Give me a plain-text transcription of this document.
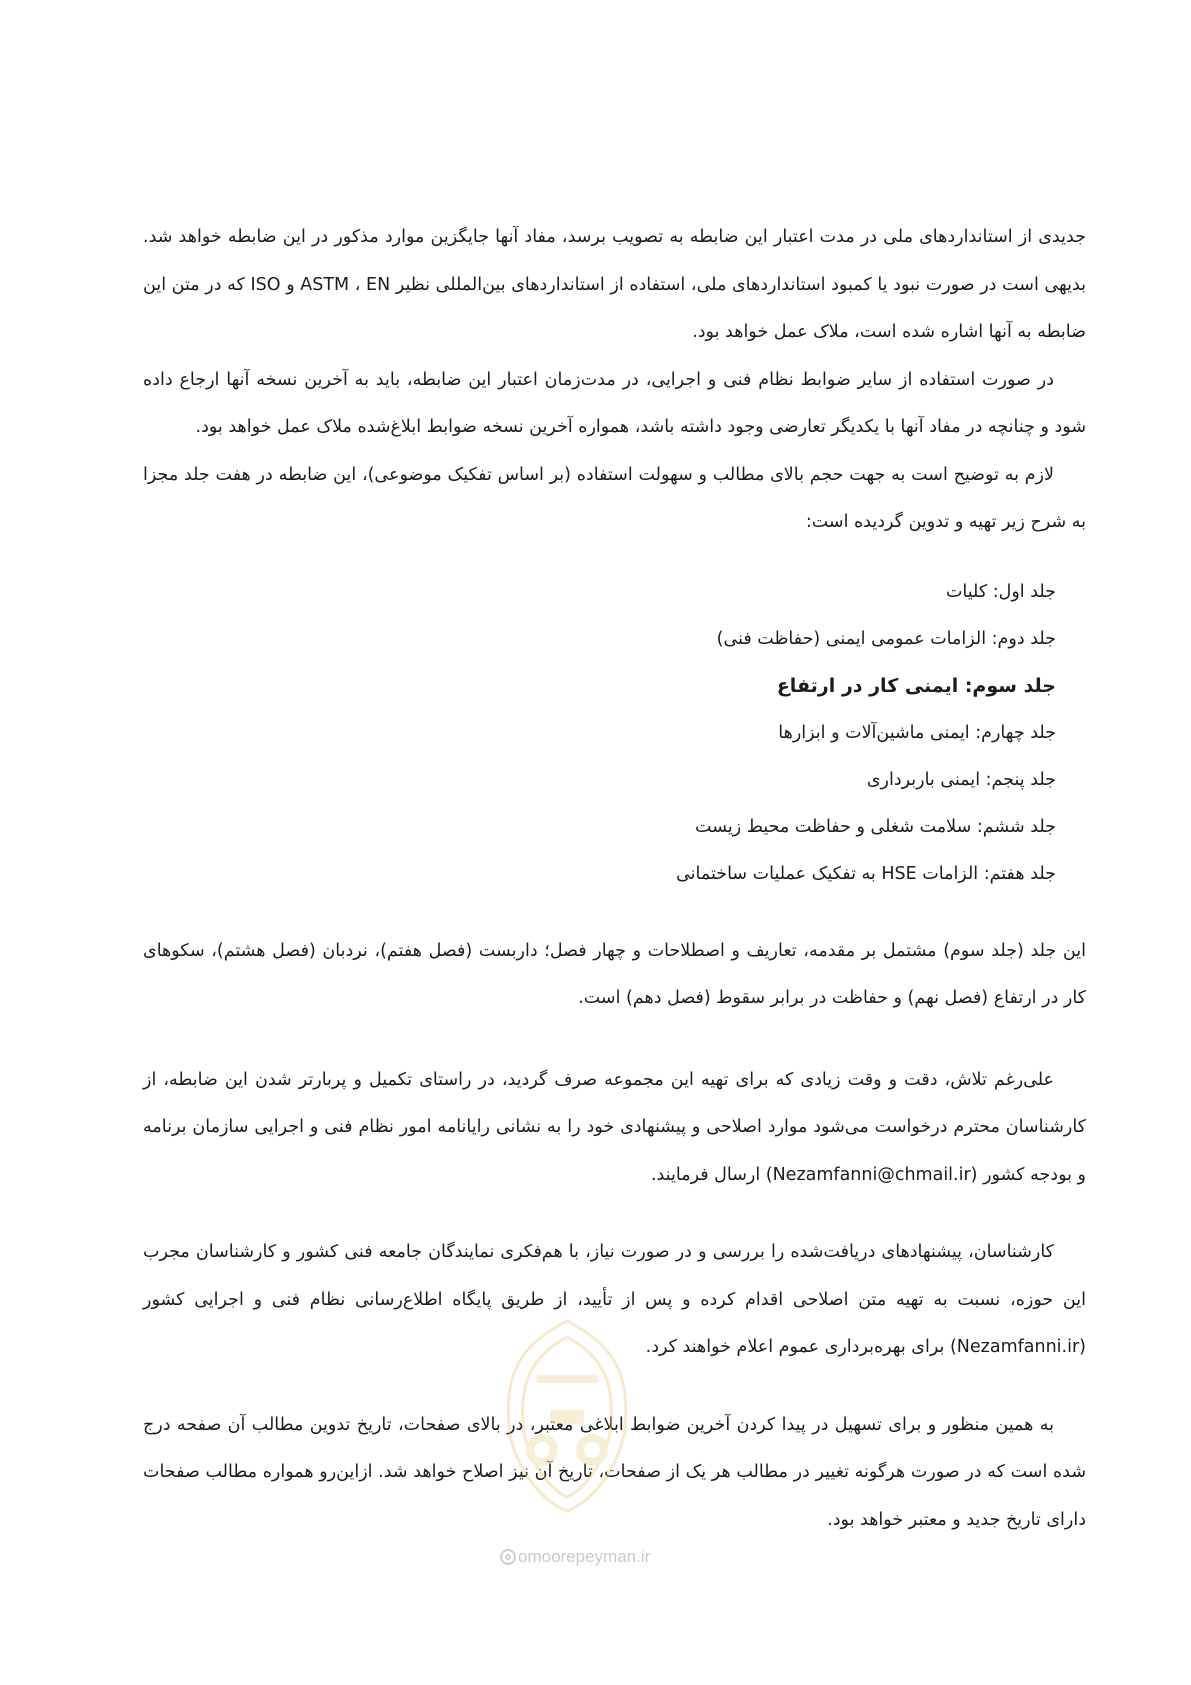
جدیدی از استانداردهای ملی در مدت اعتبار این ضابطه به تصویب برسد، مفاد آنها جایگزین موارد مذکور در این ضابطه خواهد شد. بدیهی است در صورت نبود یا کمبود استانداردهای ملی، استفاده از استانداردهای بین‌المللی نظیر ASTM ، EN و ISO که در متن این ضابطه به آنها اشاره شده است، ملاک عمل خواهد بود.

در صورت استفاده از سایر ضوابط نظام فنی و اجرایی، در مدت‌زمان اعتبار این ضابطه، باید به آخرین نسخه آنها ارجاع داده شود و چنانچه در مفاد آنها با یکدیگر تعارضی وجود داشته باشد، همواره آخرین نسخه ضوابط ابلاغ‌شده ملاک عمل خواهد بود.

لازم به توضیح است به جهت حجم بالای مطالب و سهولت استفاده (بر اساس تفکیک موضوعی)، این ضابطه در هفت جلد مجزا به شرح زیر تهیه و تدوین گردیده است:

جلد اول: کلیات
جلد دوم: الزامات عمومی ایمنی (حفاظت فنی)
جلد سوم: ایمنی کار در ارتفاع
جلد چهارم: ایمنی ماشین‌آلات و ابزارها
جلد پنجم: ایمنی باربرداری
جلد ششم: سلامت شغلی و حفاظت محیط زیست
جلد هفتم: الزامات HSE به تفکیک عملیات ساختمانی

این جلد (جلد سوم) مشتمل بر مقدمه، تعاریف و اصطلاحات و چهار فصل؛ داربست (فصل هفتم)، نردبان (فصل هشتم)، سکوهای کار در ارتفاع (فصل نهم) و حفاظت در برابر سقوط (فصل دهم) است.

علی‌رغم تلاش، دقت و وقت زیادی که برای تهیه این مجموعه صرف گردید، در راستای تکمیل و پربارتر شدن این ضابطه، از کارشناسان محترم درخواست می‌شود موارد اصلاحی و پیشنهادی خود را به نشانی رایانامه امور نظام فنی و اجرایی سازمان برنامه و بودجه کشور (Nezamfanni@chmail.ir) ارسال فرمایند.

کارشناسان، پیشنهادهای دریافت‌شده را بررسی و در صورت نیاز، با هم‌فکری نمایندگان جامعه فنی کشور و کارشناسان مجرب این حوزه، نسبت به تهیه متن اصلاحی اقدام کرده و پس از تأیید، از طریق پایگاه اطلاع‌رسانی نظام فنی و اجرایی کشور (Nezamfanni.ir) برای بهره‌برداری عموم اعلام خواهند کرد.

به همین منظور و برای تسهیل در پیدا کردن آخرین ضوابط ابلاغی معتبر، در بالای صفحات، تاریخ تدوین مطالب آن صفحه درج شده است که در صورت هرگونه تغییر در مطالب هر یک از صفحات، تاریخ آن نیز اصلاح خواهد شد. ازاین‌رو همواره مطالب صفحات دارای تاریخ جدید و معتبر خواهد بود.

omoorepeyman.ir
